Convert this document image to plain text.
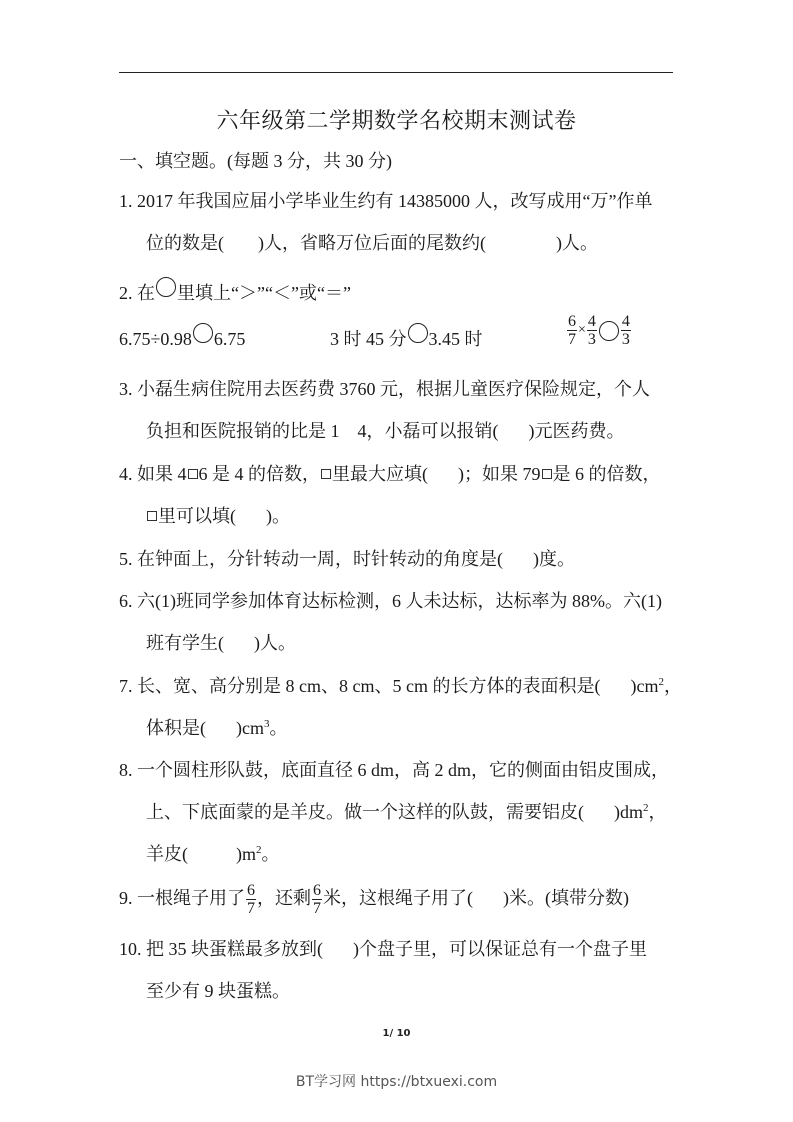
六年级第二学期数学名校期末测试卷
一、填空题。(每题 3 分，共 30 分)
1. 2017 年我国应届小学毕业生约有 14385000 人，改写成用“万”作单
位的数是( )人，省略万位后面的尾数约(	)人。
2. 在 里填上“＞”“＜”或“＝”
6.75÷0.98 6.75	3 时 45 分 3.45 时	$\frac{6}{7} \times \frac{4}{3} \frac{4}{3}$
3. 小磊生病住院用去医药费 3760 元，根据儿童医疗保险规定，个人
负担和医院报销的比是 1　4，小磊可以报销( )元医药费。
4. 如果 4 6 是 4 的倍数， 里最大应填( )；如果 79 是 6 的倍数，
里可以填( )。
5. 在钟面上，分针转动一周，时针转动的角度是( )度。
6. 六(1)班同学参加体育达标检测，6 人未达标，达标率为 88%。六(1)
班有学生( )人。
7. 长、宽、高分别是 8 cm、8 cm、5 cm 的长方体的表面积是( )$cm^2$，
体积是( )$cm^3$。
8. 一个圆柱形队鼓，底面直径 6 dm，高 2 dm，它的侧面由铝皮围成，
上、下底面蒙的是羊皮。做一个这样的队鼓，需要铝皮( )$dm^2$，
羊皮(	)$m^2$。
9. 一根绳子用了 $\frac{6}{7}$ ，还剩 $\frac{6}{7}$ 米，这根绳子用了( )米。(填带分数)
10. 把 35 块蛋糕最多放到( )个盘子里，可以保证总有一个盘子里
至少有 9 块蛋糕。
1/ 10
BT学习网 https://btxuexi.com
